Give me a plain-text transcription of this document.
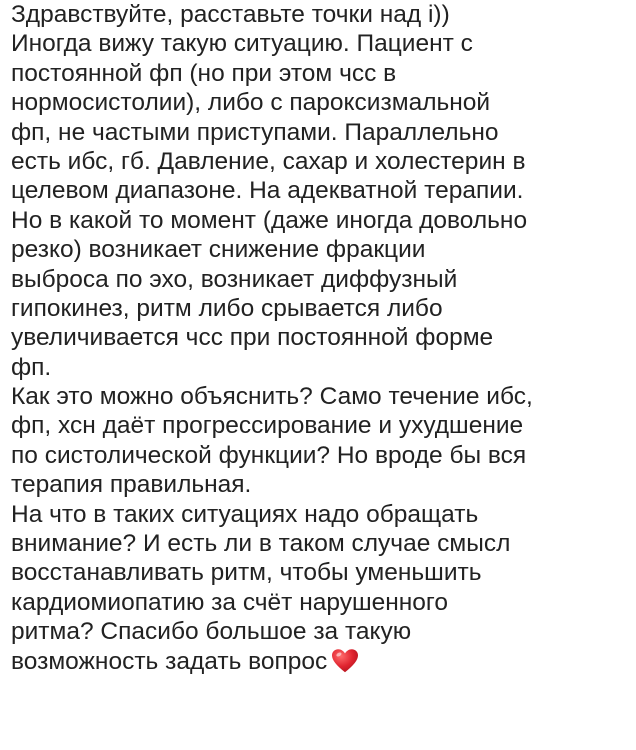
Здравствуйте, расставьте точки над i))
Иногда вижу такую ситуацию. Пациент с
постоянной фп (но при этом чсс в
нормосистолии), либо с пароксизмальной
фп, не частыми приступами. Параллельно
есть ибс, гб. Давление, сахар и холестерин в
целевом диапазоне. На адекватной терапии.
Но в какой то момент (даже иногда довольно
резко) возникает снижение фракции
выброса по эхо, возникает диффузный
гипокинез, ритм либо срывается либо
увеличивается чсс при постоянной форме
фп.
Как это можно объяснить? Само течение ибс,
фп, хсн даёт прогрессирование и ухудшение
по систолической функции? Но вроде бы вся
терапия правильная.
На что в таких ситуациях надо обращать
внимание? И есть ли в таком случае смысл
восстанавливать ритм, чтобы уменьшить
кардиомиопатию за счёт нарушенного
ритма? Спасибо большое за такую
возможность задать вопрос
